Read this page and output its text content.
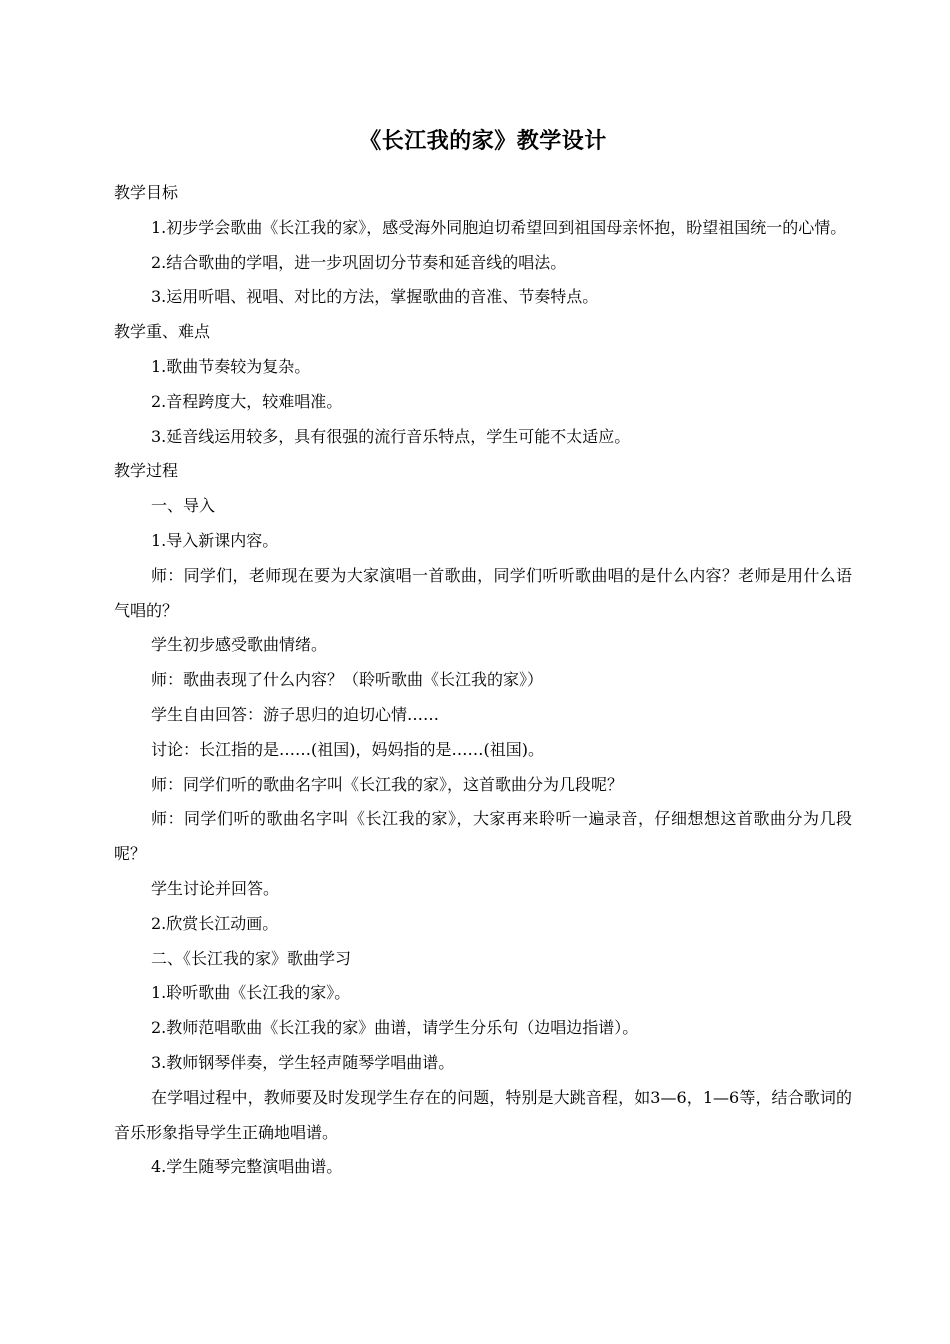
《长江我的家》教学设计

教学目标

1.初步学会歌曲《长江我的家》，感受海外同胞迫切希望回到祖国母亲怀抱，盼望祖国统一的心情。

2.结合歌曲的学唱，进一步巩固切分节奏和延音线的唱法。

3.运用听唱、视唱、对比的方法，掌握歌曲的音准、节奏特点。

教学重、难点

1.歌曲节奏较为复杂。

2.音程跨度大，较难唱准。

3.延音线运用较多，具有很强的流行音乐特点，学生可能不太适应。

教学过程

一、导入

1.导入新课内容。

师：同学们，老师现在要为大家演唱一首歌曲，同学们听听歌曲唱的是什么内容？老师是用什么语气唱的？

学生初步感受歌曲情绪。

师：歌曲表现了什么内容？（聆听歌曲《长江我的家》）

学生自由回答：游子思归的迫切心情……

讨论：长江指的是……(祖国)，妈妈指的是……(祖国)。

师：同学们听的歌曲名字叫《长江我的家》，这首歌曲分为几段呢？

师：同学们听的歌曲名字叫《长江我的家》，大家再来聆听一遍录音，仔细想想这首歌曲分为几段呢？

学生讨论并回答。

2.欣赏长江动画。

二、《长江我的家》歌曲学习

1.聆听歌曲《长江我的家》。

2.教师范唱歌曲《长江我的家》曲谱，请学生分乐句（边唱边指谱）。

3.教师钢琴伴奏，学生轻声随琴学唱曲谱。

在学唱过程中，教师要及时发现学生存在的问题，特别是大跳音程，如3—6，1—6等，结合歌词的音乐形象指导学生正确地唱谱。

4.学生随琴完整演唱曲谱。
